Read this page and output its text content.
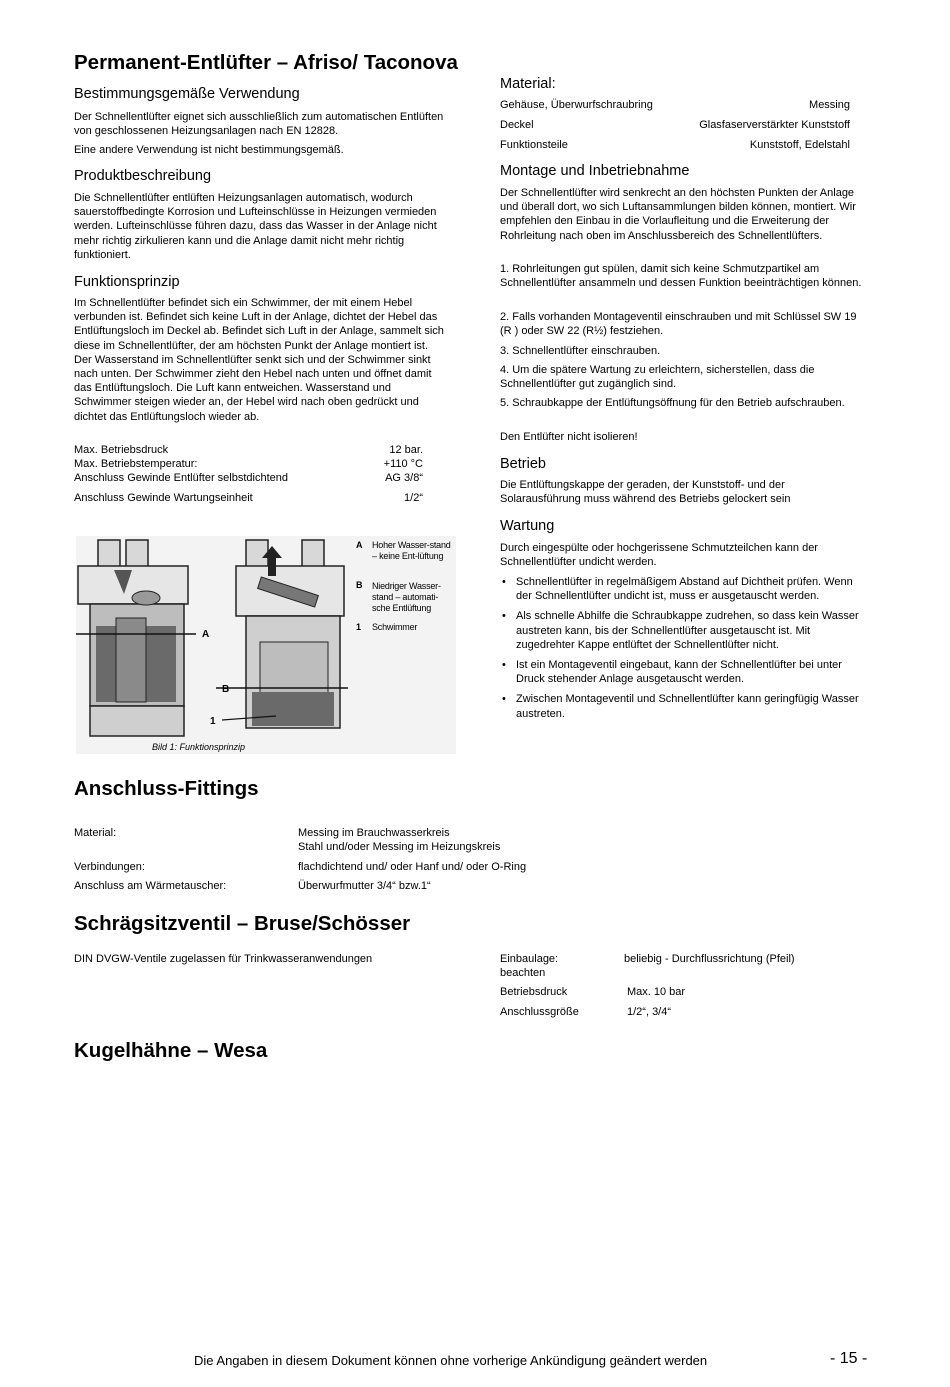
Permanent-Entlüfter – Afriso/ Taconova
Bestimmungsgemäße Verwendung
Der Schnellentlüfter eignet sich ausschließlich zum automatischen Entlüften von geschlossenen Heizungsanlagen nach EN 12828.
Eine andere Verwendung ist nicht bestimmungsgemäß.
Produktbeschreibung
Die Schnellentlüfter entlüften Heizungsanlagen automatisch, wodurch sauerstoffbedingte Korrosion und Lufteinschlüsse in Heizungen vermieden werden. Lufteinschlüsse führen dazu, dass das Wasser in der Anlage nicht mehr richtig zirkulieren kann und die Anlage damit nicht mehr richtig funktioniert.
Funktionsprinzip
Im Schnellentlüfter befindet sich ein Schwimmer, der mit einem Hebel verbunden ist. Befindet sich keine Luft in der Anlage, dichtet der Hebel das Entlüftungsloch im Deckel ab. Befindet sich Luft in der Anlage, sammelt sich diese im Schnellentlüfter, der am höchsten Punkt der Anlage montiert ist. Der Wasserstand im Schnellentlüfter senkt sich und der Schwimmer sinkt nach unten. Der Schwimmer zieht den Hebel nach unten und öffnet damit das Entlüftungsloch. Die Luft kann entweichen. Wasserstand und Schwimmer steigen wieder an, der Hebel wird nach oben gedrückt und dichtet das Entlüftungsloch wieder ab.
Max. Betriebsdruck	12 bar.
Max. Betriebstemperatur:	+110 °C
Anschluss Gewinde Entlüfter selbstdichtend	AG 3/8“
Anschluss Gewinde Wartungseinheit	1/2“
A
B
1
A
B
1
Hoher Wasser-stand – keine Ent-lüftung
Niedriger Wasser-stand – automati-sche Entlüftung
Schwimmer
Bild 1: Funktionsprinzip
Material:
Gehäuse, Überwurfschraubring	Messing
Deckel	Glasfaserverstärkter Kunststoff
Funktionsteile	Kunststoff, Edelstahl
Montage und Inbetriebnahme
Der Schnellentlüfter wird senkrecht an den höchsten Punkten der Anlage und überall dort, wo sich Luftansammlungen bilden können, montiert. Wir empfehlen den Einbau in die Vorlaufleitung und die Erweiterung der Rohrleitung nach oben im Anschlussbereich des Schnellentlüfters.
1. Rohrleitungen gut spülen, damit sich keine Schmutzpartikel am Schnellentlüfter ansammeln und dessen Funktion beeinträchtigen können.
2. Falls vorhanden Montageventil einschrauben und mit Schlüssel SW 19 (R ) oder SW 22 (R½) festziehen.
3. Schnellentlüfter einschrauben.
4. Um die spätere Wartung zu erleichtern, sicherstellen, dass die Schnellentlüfter gut zugänglich sind.
5. Schraubkappe der Entlüftungsöffnung für den Betrieb aufschrauben.
Den Entlüfter nicht isolieren!
Betrieb
Die Entlüftungskappe der geraden, der Kunststoff- und der Solarausführung muss während des Betriebs gelockert sein
Wartung
Durch eingespülte oder hochgerissene Schmutzteilchen kann der Schnellentlüfter undicht werden.
• Schnellentlüfter in regelmäßigem Abstand auf Dichtheit prüfen. Wenn der Schnellentlüfter undicht ist, muss er ausgetauscht werden.
• Als schnelle Abhilfe die Schraubkappe zudrehen, so dass kein Wasser austreten kann, bis der Schnellentlüfter ausgetauscht ist. Mit zugedrehter Kappe entlüftet der Schnellentlüfter nicht.
• Ist ein Montageventil eingebaut, kann der Schnellentlüfter bei unter Druck stehender Anlage ausgetauscht werden.
• Zwischen Montageventil und Schnellentlüfter kann geringfügig Wasser austreten.
Anschluss-Fittings
Material:	Messing im Brauchwasserkreis
Stahl und/oder Messing im Heizungskreis
Verbindungen:	flachdichtend und/ oder Hanf und/ oder O-Ring
Anschluss am Wärmetauscher:	Überwurfmutter 3/4“ bzw.1“
Schrägsitzventil – Bruse/Schösser
DIN DVGW-Ventile zugelassen für Trinkwasseranwendungen	Einbaulage:	beliebig - Durchflussrichtung (Pfeil)
beachten
Betriebsdruck	Max. 10 bar
Anschlussgröße	1/2“, 3/4“
Kugelhähne – Wesa
Die Angaben in diesem Dokument können ohne vorherige Ankündigung geändert werden	- 15 -
